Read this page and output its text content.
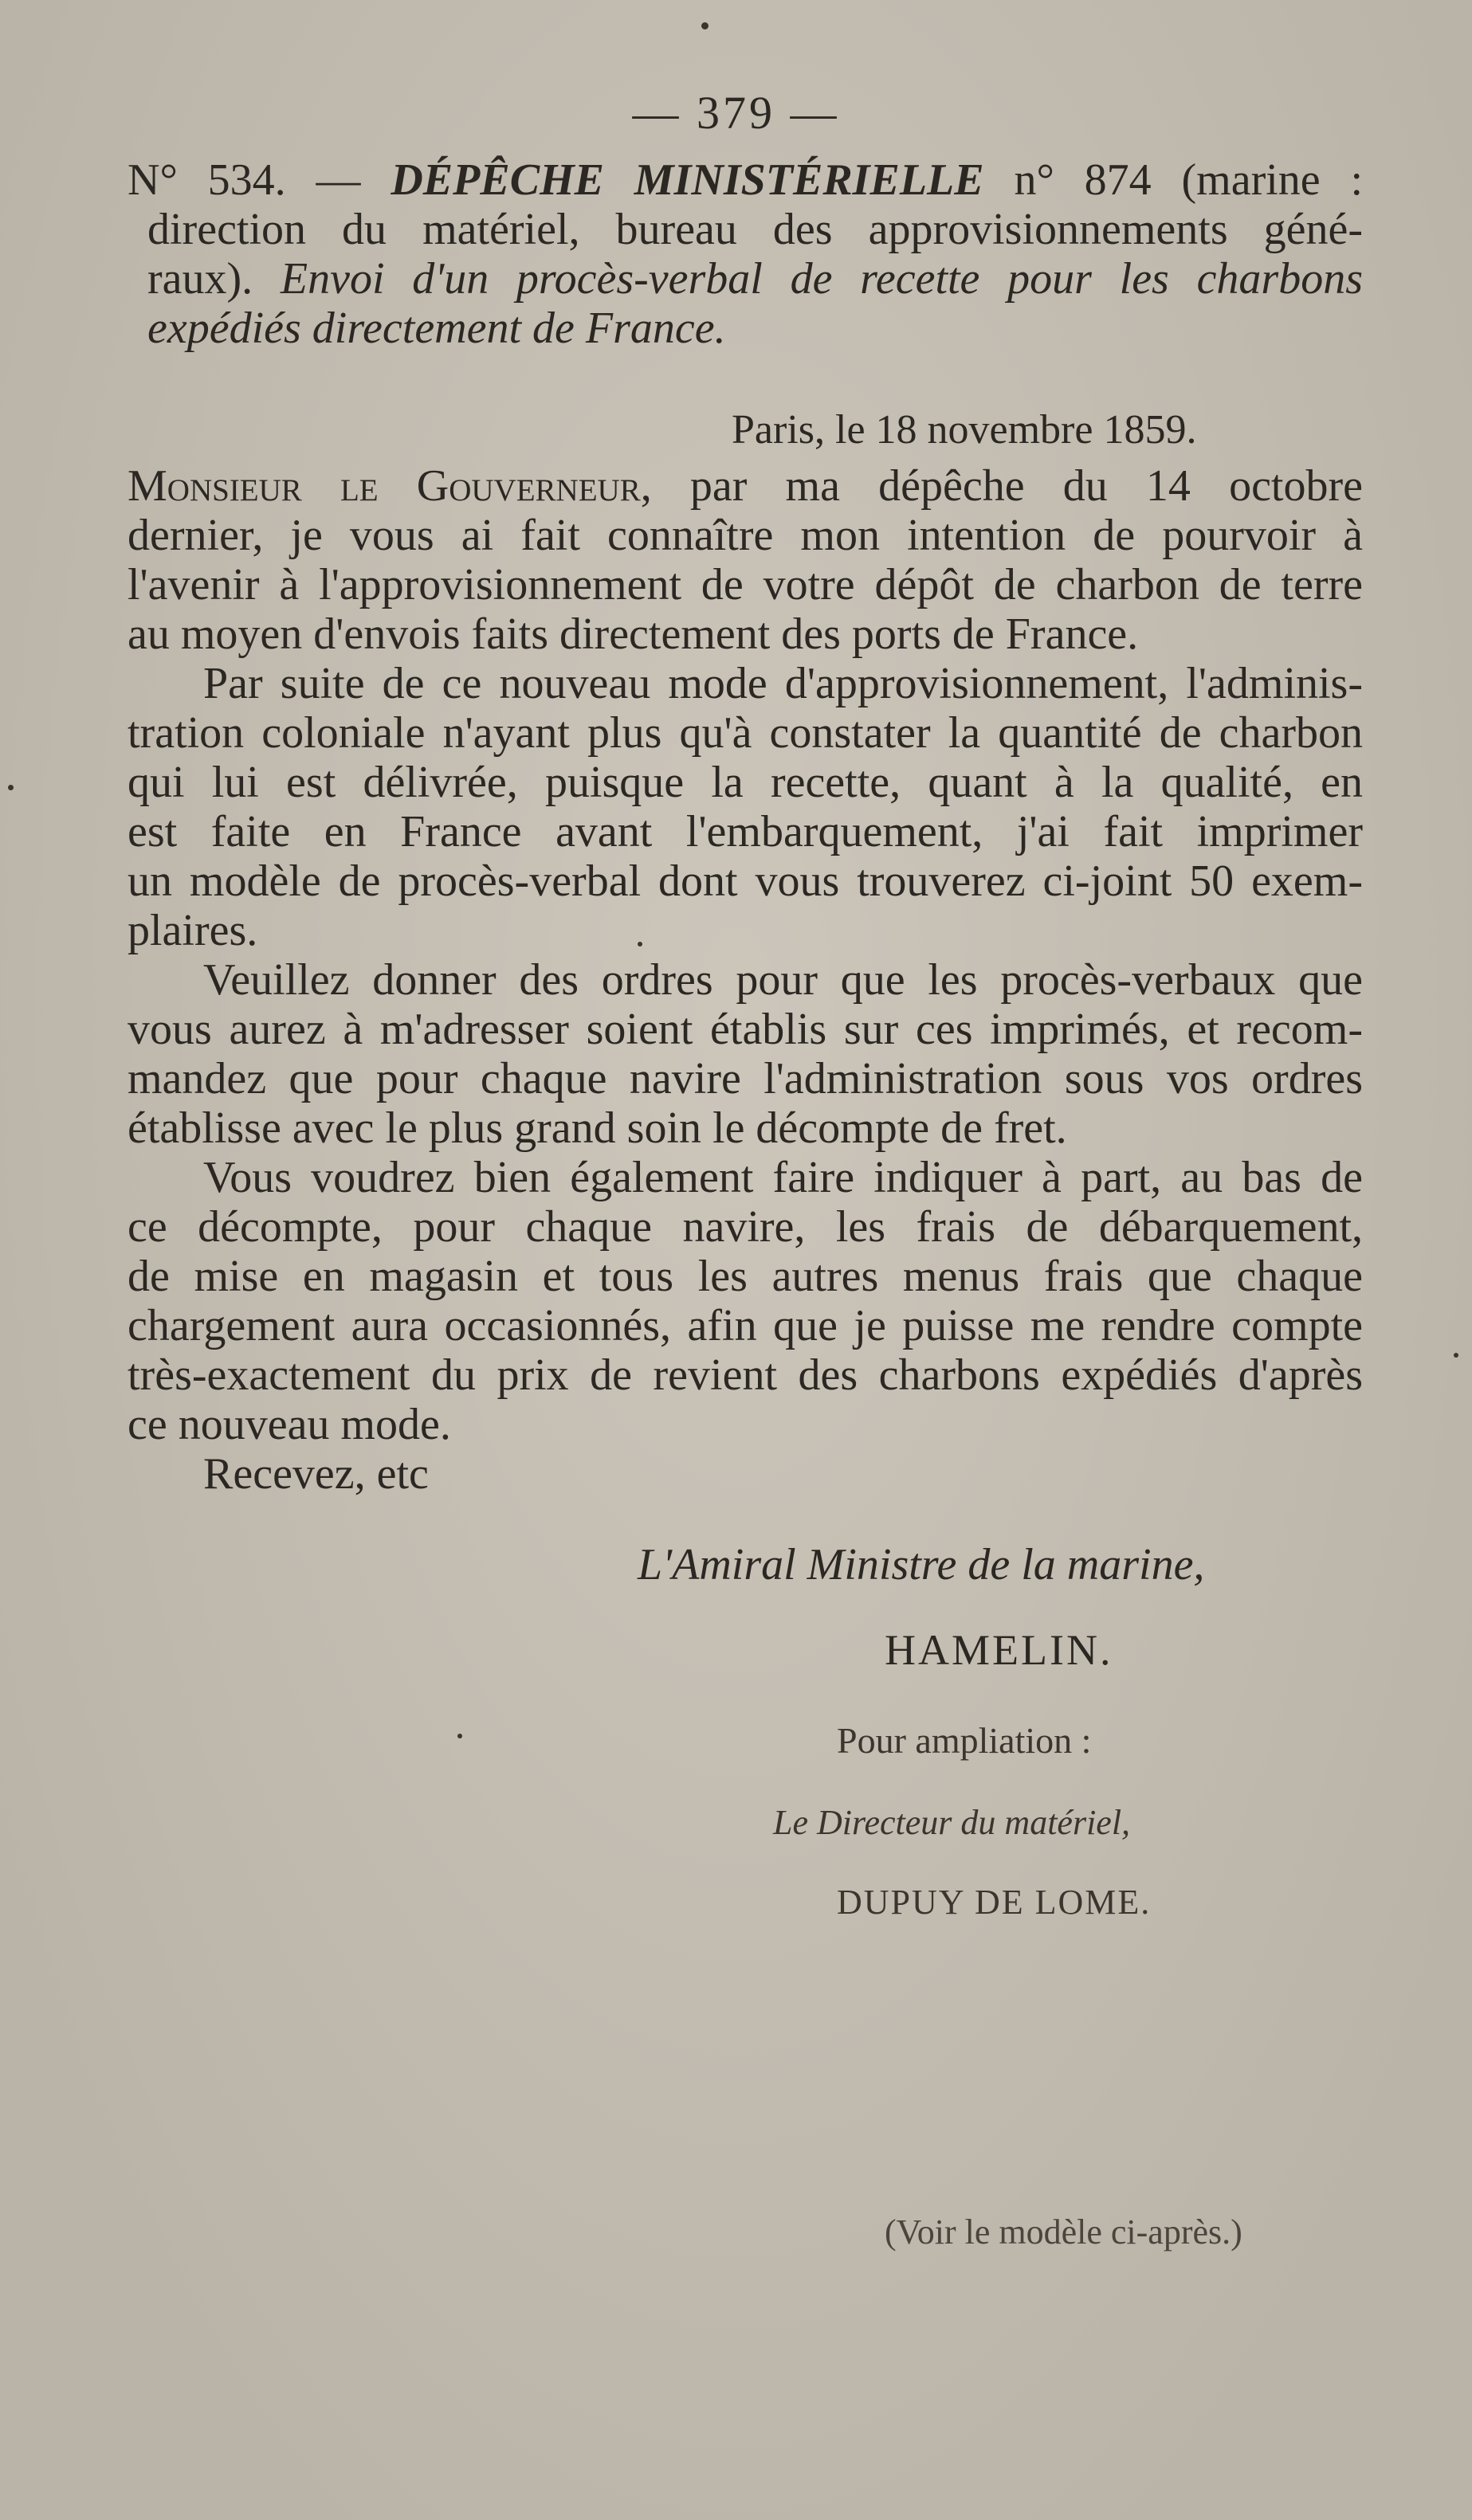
— 379 —
N° 534. — DÉPÊCHE MINISTÉRIELLE n° 874 (marine :
direction du matériel, bureau des approvisionnements géné-
raux). Envoi d'un procès-verbal de recette pour les charbons
expédiés directement de France.
Paris, le 18 novembre 1859.
Monsieur le Gouverneur, par ma dépêche du 14 octobre
dernier, je vous ai fait connaître mon intention de pourvoir à
l'avenir à l'approvisionnement de votre dépôt de charbon de terre
au moyen d'envois faits directement des ports de France.
Par suite de ce nouveau mode d'approvisionnement, l'adminis-
tration coloniale n'ayant plus qu'à constater la quantité de charbon
qui lui est délivrée, puisque la recette, quant à la qualité, en
est faite en France avant l'embarquement, j'ai fait imprimer
un modèle de procès-verbal dont vous trouverez ci-joint 50 exem-
plaires.
Veuillez donner des ordres pour que les procès-verbaux que
vous aurez à m'adresser soient établis sur ces imprimés, et recom-
mandez que pour chaque navire l'administration sous vos ordres
établisse avec le plus grand soin le décompte de fret.
Vous voudrez bien également faire indiquer à part, au bas de
ce décompte, pour chaque navire, les frais de débarquement,
de mise en magasin et tous les autres menus frais que chaque
chargement aura occasionnés, afin que je puisse me rendre compte
très-exactement du prix de revient des charbons expédiés d'après
ce nouveau mode.
Recevez, etc
L'Amiral Ministre de la marine,
HAMELIN.
Pour ampliation :
Le Directeur du matériel,
DUPUY DE LOME.
(Voir le modèle ci-après.)
